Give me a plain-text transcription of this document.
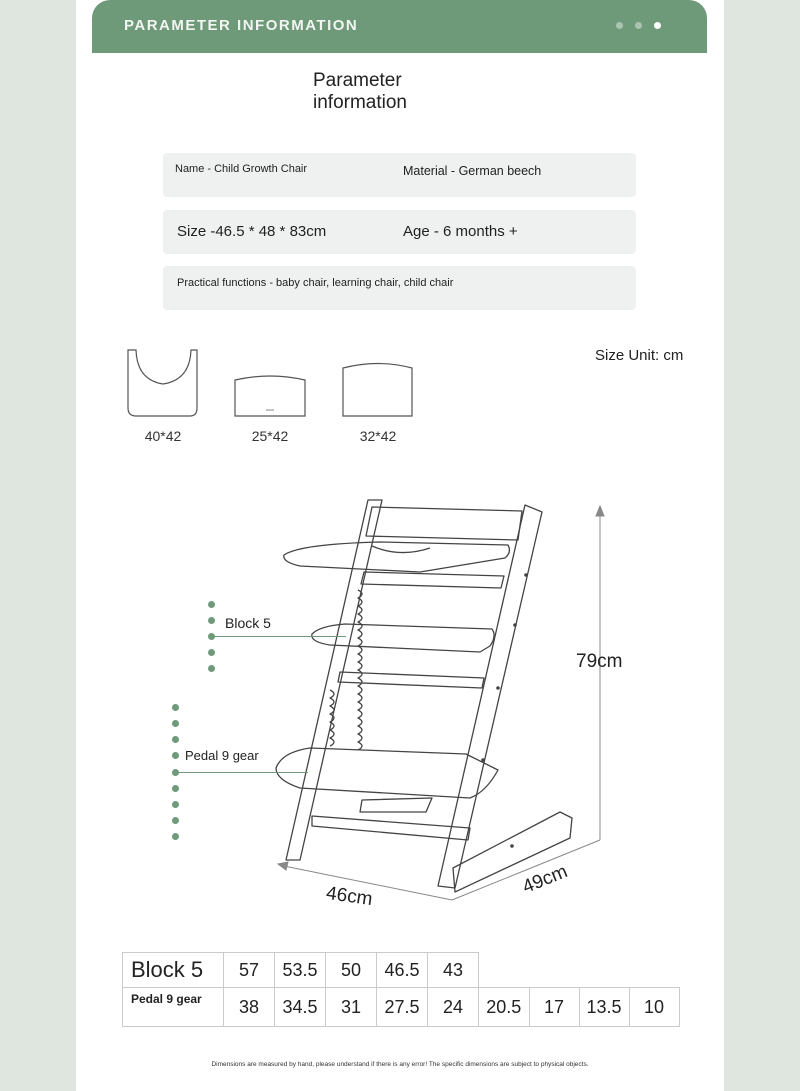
PARAMETER INFORMATION
Parameter
information
Name - Child Growth Chair	Material - German beech
Size -46.5 * 48 * 83cm	Age - 6 months +
Practical functions - baby chair, learning chair, child chair
Size Unit: cm
40*42	25*42	32*42
Block 5
Pedal 9 gear
79cm
46cm	49cm
Block 5	57	53.5	50	46.5	43				
Pedal 9 gear	38	34.5	31	27.5	24	20.5	17	13.5	10
Dimensions are measured by hand, please understand if there is any error! The specific dimensions are subject to physical objects.
